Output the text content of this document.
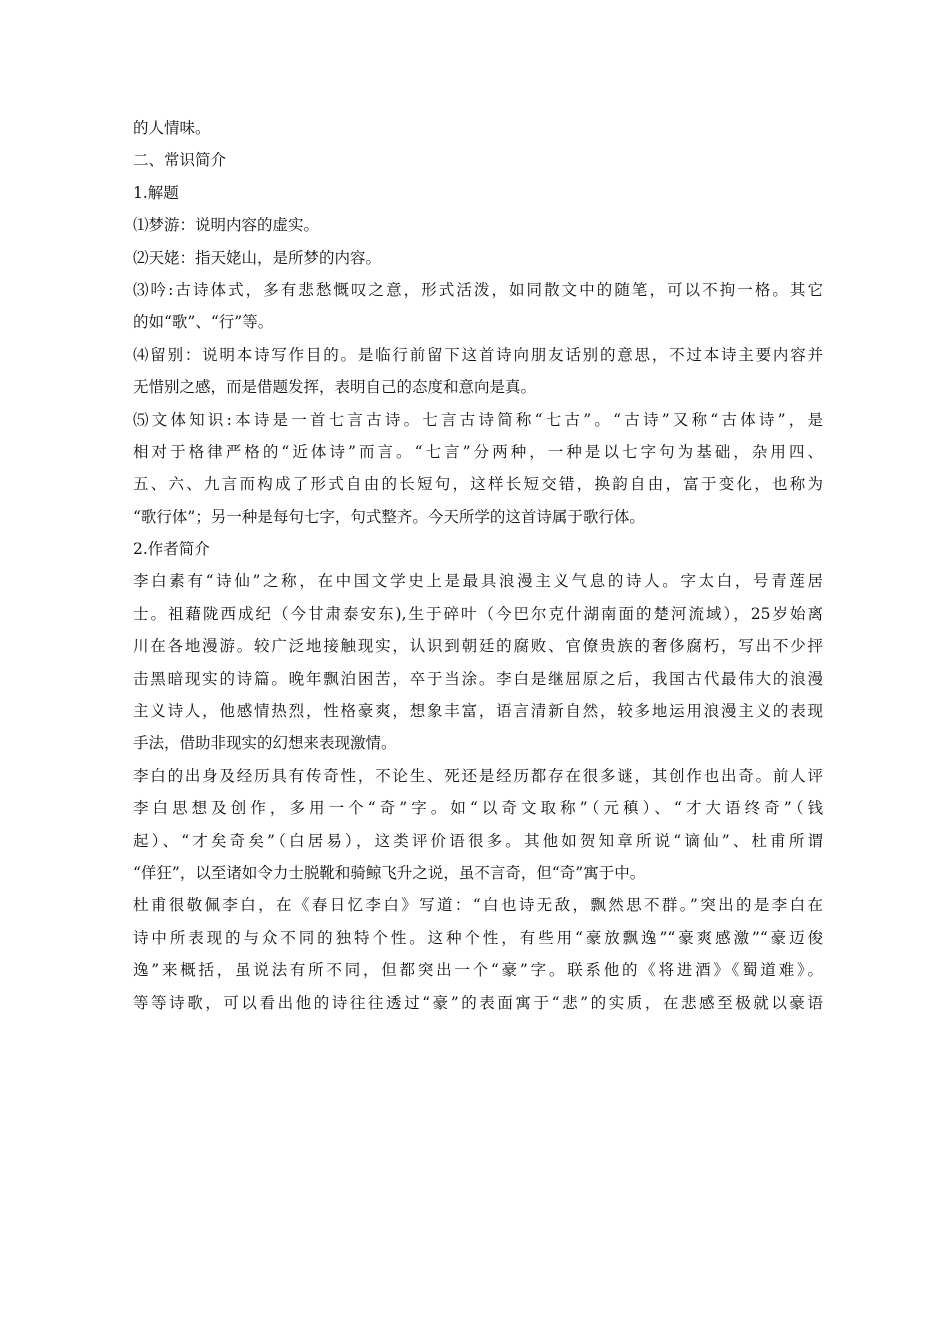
的人情味。
二、常识简介
1.解题
⑴梦游：说明内容的虚实。
⑵天姥：指天姥山，是所梦的内容。
⑶吟:古诗体式，多有悲愁慨叹之意，形式活泼，如同散文中的随笔，可以不拘一格。其它
的如“歌”、“行”等。
⑷留别：说明本诗写作目的。是临行前留下这首诗向朋友话别的意思，不过本诗主要内容并
无惜别之感，而是借题发挥，表明自己的态度和意向是真。
⑸文体知识:本诗是一首七言古诗。七言古诗简称“七古”。“古诗”又称“古体诗”，是
相对于格律严格的“近体诗”而言。“七言”分两种，一种是以七字句为基础，杂用四、
五、六、九言而构成了形式自由的长短句，这样长短交错，换韵自由，富于变化，也称为
“歌行体”；另一种是每句七字，句式整齐。今天所学的这首诗属于歌行体。
2.作者简介
李白素有“诗仙”之称，在中国文学史上是最具浪漫主义气息的诗人。字太白，号青莲居
士。祖藉陇西成纪（今甘肃泰安东),生于碎叶（今巴尔克什湖南面的楚河流域），25岁始离
川在各地漫游。较广泛地接触现实，认识到朝廷的腐败、官僚贵族的奢侈腐朽，写出不少抨
击黑暗现实的诗篇。晚年飘泊困苦，卒于当涂。李白是继屈原之后，我国古代最伟大的浪漫
主义诗人，他感情热烈，性格豪爽，想象丰富，语言清新自然，较多地运用浪漫主义的表现
手法，借助非现实的幻想来表现激情。
李白的出身及经历具有传奇性，不论生、死还是经历都存在很多谜，其创作也出奇。前人评
李白思想及创作，多用一个“奇”字。如“以奇文取称”（元稹）、“才大语终奇”（钱
起）、“才矣奇矣”（白居易），这类评价语很多。其他如贺知章所说“谪仙”、杜甫所谓
“佯狂”，以至诸如令力士脱靴和骑鲸飞升之说，虽不言奇，但“奇”寓于中。
杜甫很敬佩李白，在《春日忆李白》写道：“白也诗无敌，飘然思不群。”突出的是李白在
诗中所表现的与众不同的独特个性。这种个性，有些用“豪放飘逸”“豪爽感激”“豪迈俊
逸”来概括，虽说法有所不同，但都突出一个“豪”字。联系他的《将进酒》《蜀道难》。
等等诗歌，可以看出他的诗往往透过“豪”的表面寓于“悲”的实质，在悲感至极就以豪语
